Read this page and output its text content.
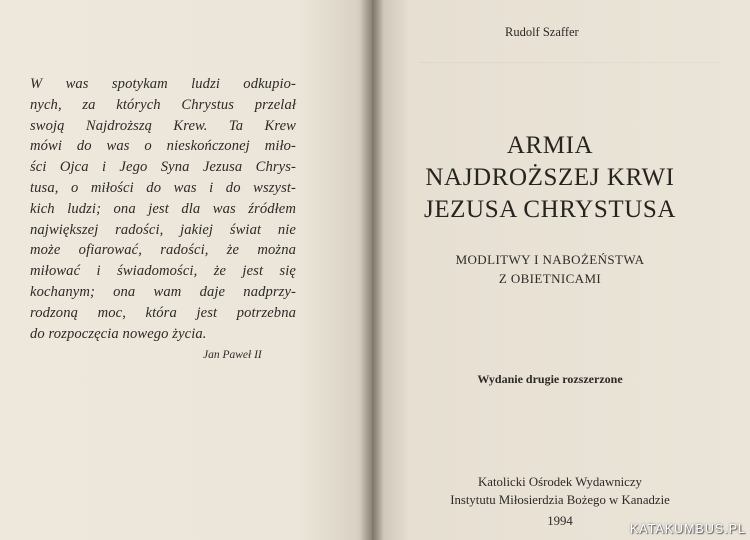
W was spotykam ludzi odkupio-
nych, za których Chrystus przelał
swoją Najdroższą Krew. Ta Krew
mówi do was o nieskończonej miło-
ści Ojca i Jego Syna Jezusa Chrys-
tusa, o miłości do was i do wszyst-
kich ludzi; ona jest dla was źródłem
największej radości, jakiej świat nie
może ofiarować, radości, że można
miłować i świadomości, że jest się
kochanym; ona wam daje nadprzy-
rodzoną moc, która jest potrzebna
do rozpoczęcia nowego życia.
Jan Paweł II
Rudolf Szaffer
ARMIA
NAJDROŻSZEJ KRWI
JEZUSA CHRYSTUSA
MODLITWY I NABOŻEŃSTWA
Z OBIETNICAMI
Wydanie drugie rozszerzone
Katolicki Ośrodek Wydawniczy
Instytutu Miłosierdzia Bożego w Kanadzie
1994
KATAKUMBUS.PL
